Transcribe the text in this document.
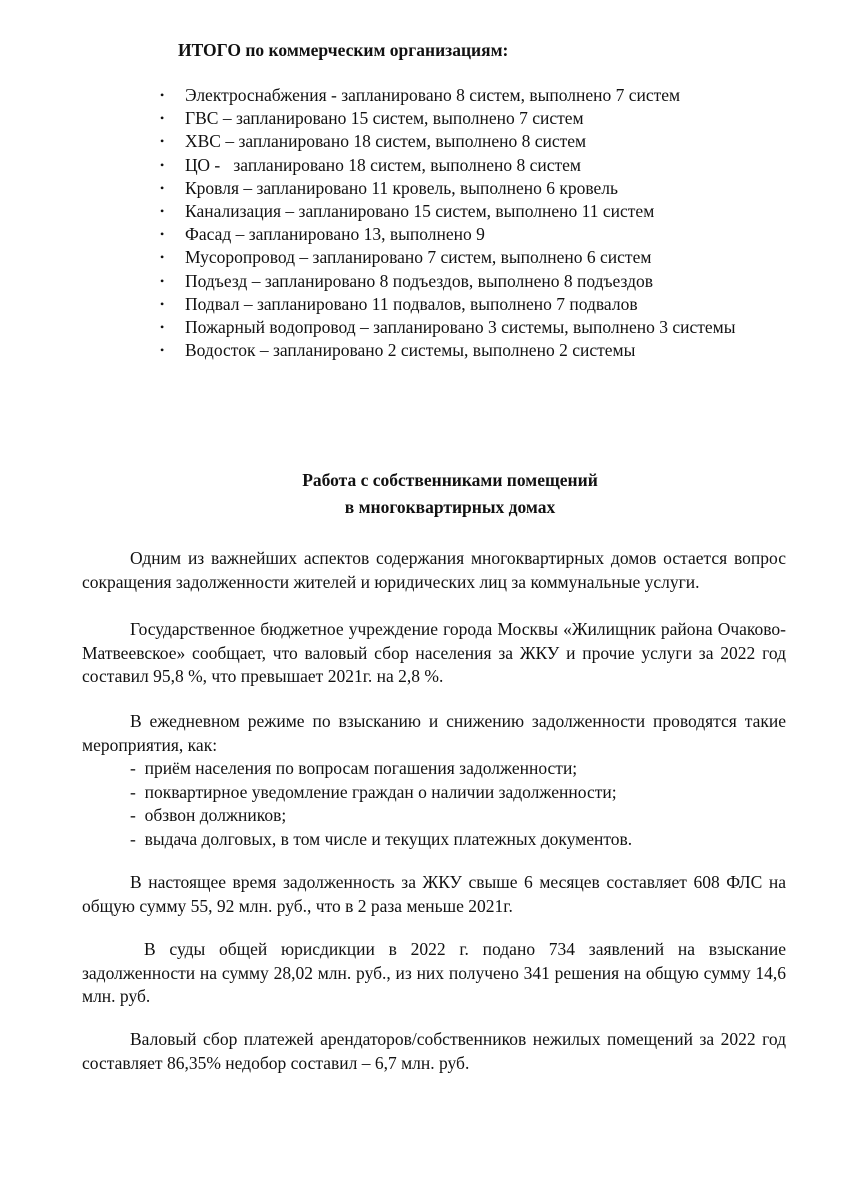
ИТОГО по коммерческим организациям:
• Электроснабжения - запланировано 8 систем, выполнено 7 систем
• ГВС – запланировано 15 систем, выполнено 7 систем
• ХВС – запланировано 18 систем, выполнено 8 систем
• ЦО -   запланировано 18 систем, выполнено 8 систем
• Кровля – запланировано 11 кровель, выполнено 6 кровель
• Канализация – запланировано 15 систем, выполнено 11 систем
• Фасад – запланировано 13, выполнено 9
• Мусоропровод – запланировано 7 систем, выполнено 6 систем
• Подъезд – запланировано 8 подъездов, выполнено 8 подъездов
• Подвал – запланировано 11 подвалов, выполнено 7 подвалов
• Пожарный водопровод – запланировано 3 системы, выполнено 3 системы
• Водосток – запланировано 2 системы, выполнено 2 системы
Работа с собственниками помещений
в многоквартирных домах

Одним из важнейших аспектов содержания многоквартирных домов остается вопрос сокращения задолженности жителей и юридических лиц за коммунальные услуги.

Государственное бюджетное учреждение города Москвы «Жилищник района Очаково-Матвеевское» сообщает, что валовый сбор населения за ЖКУ и прочие услуги за 2022 год составил 95,8 %, что превышает 2021г. на 2,8 %.

В ежедневном режиме по взысканию и снижению задолженности проводятся такие мероприятия, как:

-  приём населения по вопросам погашения задолженности;
-  поквартирное уведомление граждан о наличии задолженности;
-  обзвон должников;
-  выдача долговых, в том числе и текущих платежных документов.

В настоящее время задолженность за ЖКУ свыше 6 месяцев составляет 608 ФЛС на общую сумму 55, 92 млн. руб., что в 2 раза меньше 2021г.

В суды общей юрисдикции в 2022 г. подано 734 заявлений на взыскание задолженности на сумму 28,02 млн. руб., из них получено 341 решения на общую сумму 14,6 млн. руб.

Валовый сбор платежей арендаторов/собственников нежилых помещений за 2022 год составляет 86,35% недобор составил – 6,7 млн. руб.
